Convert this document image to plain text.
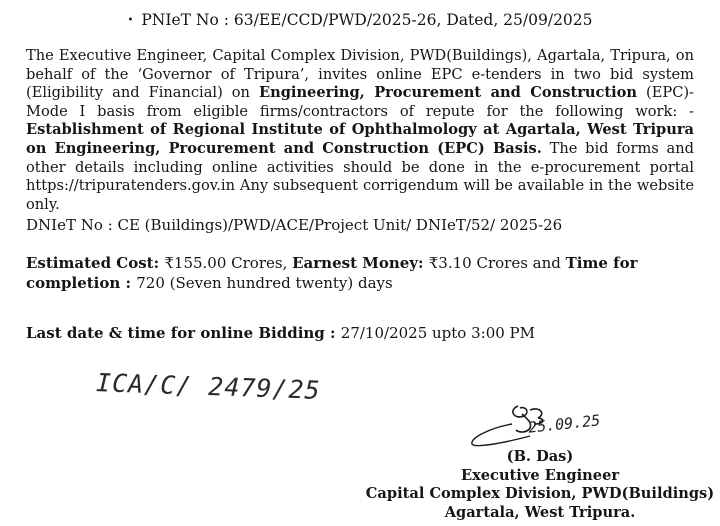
• PNIeT No : 63/EE/CCD/PWD/2025-26, Dated, 25/09/2025
The Executive Engineer, Capital Complex Division, PWD(Buildings), Agartala, Tripura, on behalf of the ‘Governor of Tripura’, invites online EPC e-tenders in two bid system (Eligibility and Financial) on Engineering, Procurement and Construction (EPC)-Mode I basis from eligible firms/contractors of repute for the following work: - Establishment of Regional Institute of Ophthalmology at Agartala, West Tripura on Engineering, Procurement and Construction (EPC) Basis. The bid forms and other details including online activities should be done in the e-procurement portal https://tripuratenders.gov.in Any subsequent corrigendum will be available in the website only.
DNIeT No : CE (Buildings)/PWD/ACE/Project Unit/ DNIeT/52/ 2025-26
Estimated Cost: ₹155.00 Crores, Earnest Money: ₹3.10 Crores and Time for completion : 720 (Seven hundred twenty) days
Last date & time for online Bidding : 27/10/2025 upto 3:00 PM
ICA/C/ 2479/25
25.09.25
(B. Das)
Executive Engineer
Capital Complex Division, PWD(Buildings)
Agartala, West Tripura.
